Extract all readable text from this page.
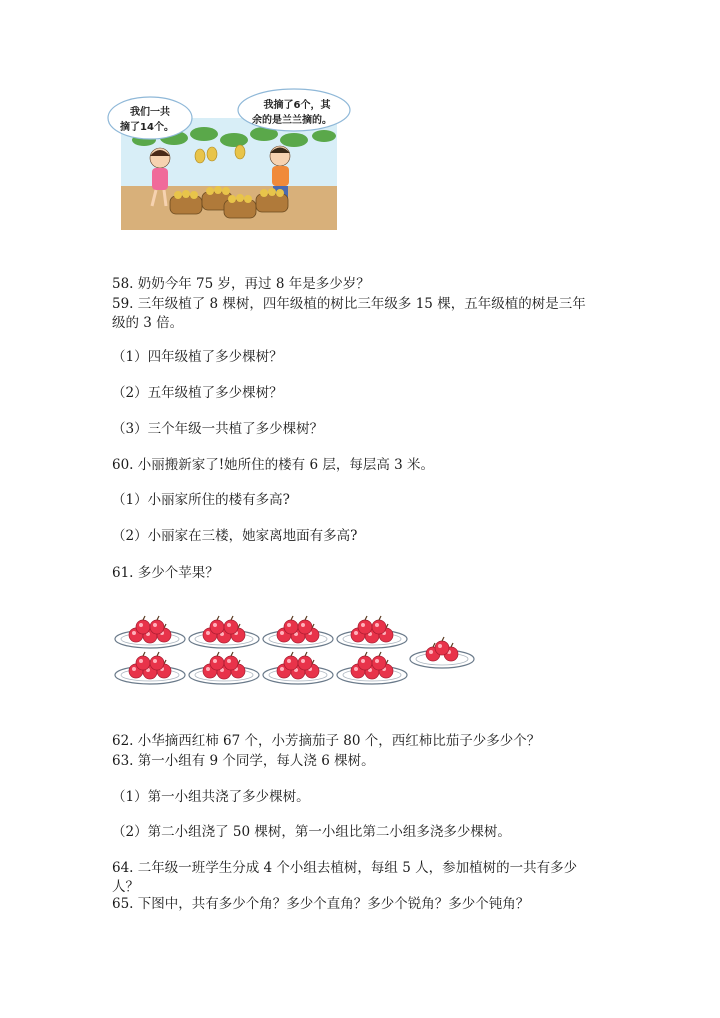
我们一共
摘了14个。
我摘了6个，其
余的是兰兰摘的。
58. 奶奶今年 75 岁，再过 8 年是多少岁？
59. 三年级植了 8 棵树，四年级植的树比三年级多 15 棵，五年级植的树是三年
级的 3 倍。
（1）四年级植了多少棵树？
（2）五年级植了多少棵树？
（3）三个年级一共植了多少棵树？
60. 小丽搬新家了!她所住的楼有 6 层，每层高 3 米。
（1）小丽家所住的楼有多高?
（2）小丽家在三楼，她家离地面有多高?
61. 多少个苹果？
62. 小华摘西红柿 67 个，小芳摘茄子 80 个，西红柿比茄子少多少个？
63. 第一小组有 9 个同学，每人浇 6 棵树。
（1）第一小组共浇了多少棵树。
（2）第二小组浇了 50 棵树，第一小组比第二小组多浇多少棵树。
64. 二年级一班学生分成 4 个小组去植树，每组 5 人，参加植树的一共有多少
人？
65. 下图中，共有多少个角？多少个直角？多少个锐角？多少个钝角？
